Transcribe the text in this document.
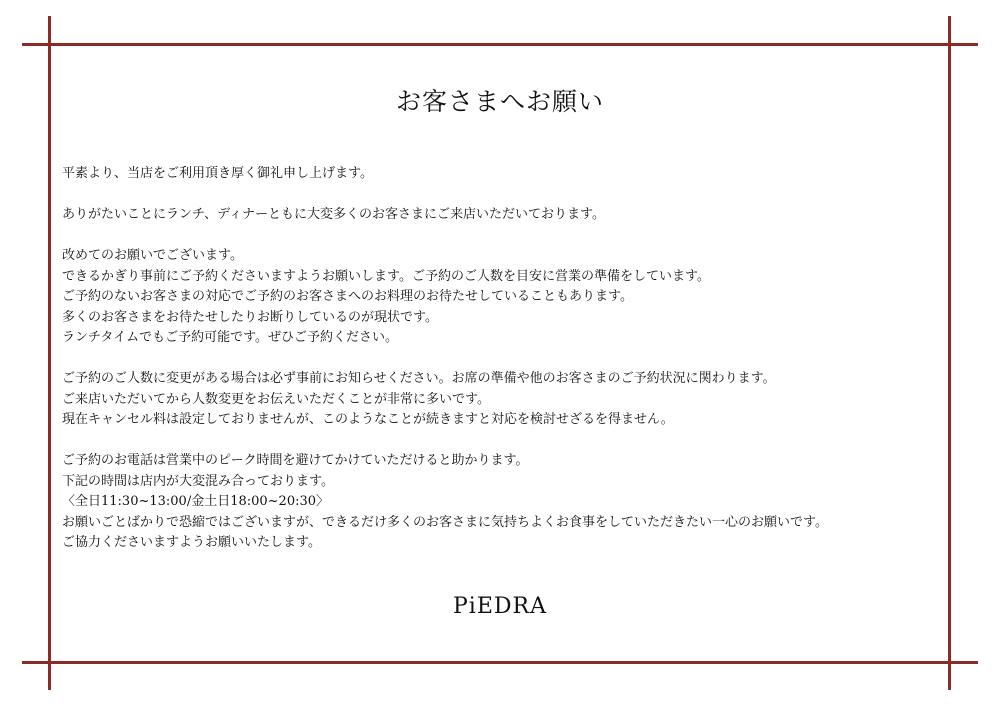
お客さまへお願い

平素より、当店をご利用頂き厚く御礼申し上げます。

ありがたいことにランチ、ディナーともに大変多くのお客さまにご来店いただいております。

改めてのお願いでございます。
できるかぎり事前にご予約くださいますようお願いします。ご予約のご人数を目安に営業の準備をしています。
ご予約のないお客さまの対応でご予約のお客さまへのお料理のお待たせしていることもあります。
多くのお客さまをお待たせしたりお断りしているのが現状です。
ランチタイムでもご予約可能です。ぜひご予約ください。

ご予約のご人数に変更がある場合は必ず事前にお知らせください。お席の準備や他のお客さまのご予約状況に関わります。
ご来店いただいてから人数変更をお伝えいただくことが非常に多いです。
現在キャンセル料は設定しておりませんが、このようなことが続きますと対応を検討せざるを得ません。

ご予約のお電話は営業中のピーク時間を避けてかけていただけると助かります。
下記の時間は店内が大変混み合っております。
〈全日11:30~13:00/金土日18:00~20:30〉
お願いごとばかりで恐縮ではございますが、できるだけ多くのお客さまに気持ちよくお食事をしていただきたい一心のお願いです。
ご協力くださいますようお願いいたします。

PiEDRA
